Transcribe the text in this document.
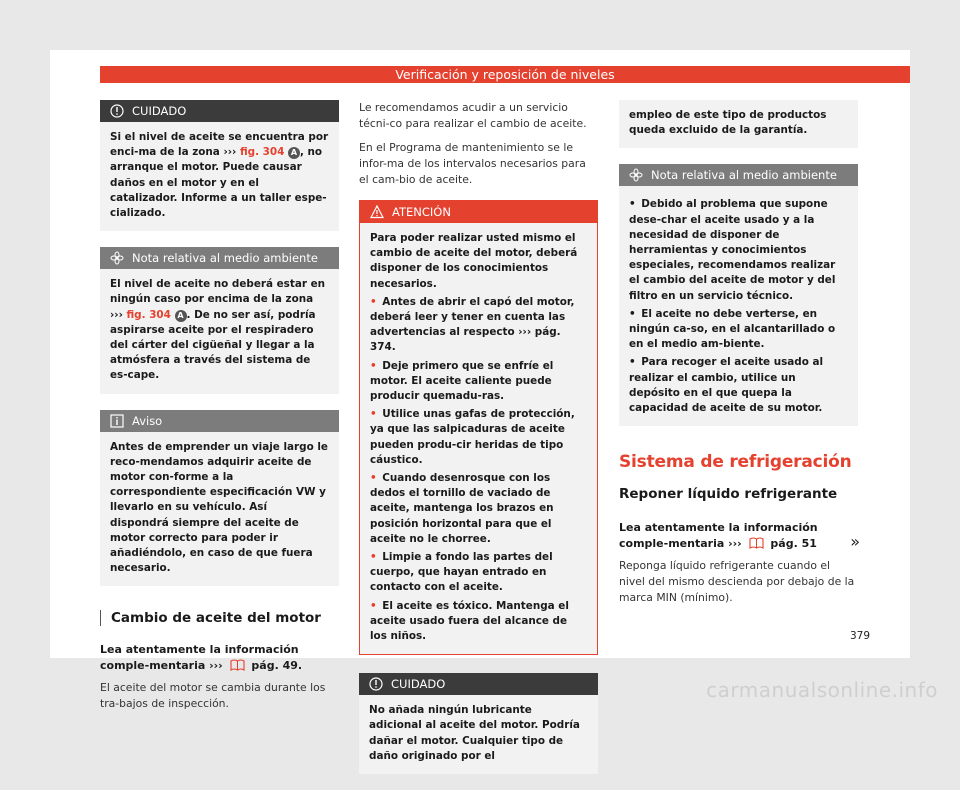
Verificación y reposición de niveles
CUIDADO
Si el nivel de aceite se encuentra por enci-ma de la zona ››› fig. 304 A , no arranque el motor. Puede causar daños en el motor y en el catalizador. Informe a un taller espe-cializado.
Nota relativa al medio ambiente
El nivel de aceite no deberá estar en ningún caso por encima de la zona ››› fig. 304 A . De no ser así, podría aspirarse aceite por el respiradero del cárter del cigüeñal y llegar a la atmósfera a través del sistema de es-cape.
Aviso
Antes de emprender un viaje largo le reco-mendamos adquirir aceite de motor con-forme a la correspondiente especificación VW y llevarlo en su vehículo. Así dispondrá siempre del aceite de motor correcto para poder ir añadiéndolo, en caso de que fuera necesario.
Cambio de aceite del motor
Lea atentamente la información comple-mentaria ›››	pág. 49.
El aceite del motor se cambia durante los tra-bajos de inspección.
Le recomendamos acudir a un servicio técni-co para realizar el cambio de aceite.
En el Programa de mantenimiento se le infor-ma de los intervalos necesarios para el cam-bio de aceite.
ATENCIÓN
Para poder realizar usted mismo el cambio de aceite del motor, deberá disponer de los conocimientos necesarios.
• Antes de abrir el capó del motor, deberá leer y tener en cuenta las advertencias al respecto ››› pág. 374.
• Deje primero que se enfríe el motor. El aceite caliente puede producir quemadu-ras.
• Utilice unas gafas de protección, ya que las salpicaduras de aceite pueden produ-cir heridas de tipo cáustico.
• Cuando desenrosque con los dedos el tornillo de vaciado de aceite, mantenga los brazos en posición horizontal para que el aceite no le chorree.
• Limpie a fondo las partes del cuerpo, que hayan entrado en contacto con el aceite.
• El aceite es tóxico. Mantenga el aceite usado fuera del alcance de los niños.
CUIDADO
No añada ningún lubricante adicional al aceite del motor. Podría dañar el motor. Cualquier tipo de daño originado por el
empleo de este tipo de productos queda excluido de la garantía.
Nota relativa al medio ambiente
• Debido al problema que supone dese-char el aceite usado y a la necesidad de disponer de herramientas y conocimientos especiales, recomendamos realizar el cambio del aceite de motor y del filtro en un servicio técnico.
• El aceite no debe verterse, en ningún ca-so, en el alcantarillado o en el medio am-biente.
• Para recoger el aceite usado al realizar el cambio, utilice un depósito en el que quepa la capacidad de aceite de su motor.
Sistema de refrigeración
Reponer líquido refrigerante
Lea atentamente la información comple-mentaria ›››	pág. 51
Reponga líquido refrigerante cuando el nivel del mismo descienda por debajo de la marca MIN (mínimo).
»
379
carmanualsonline.info
